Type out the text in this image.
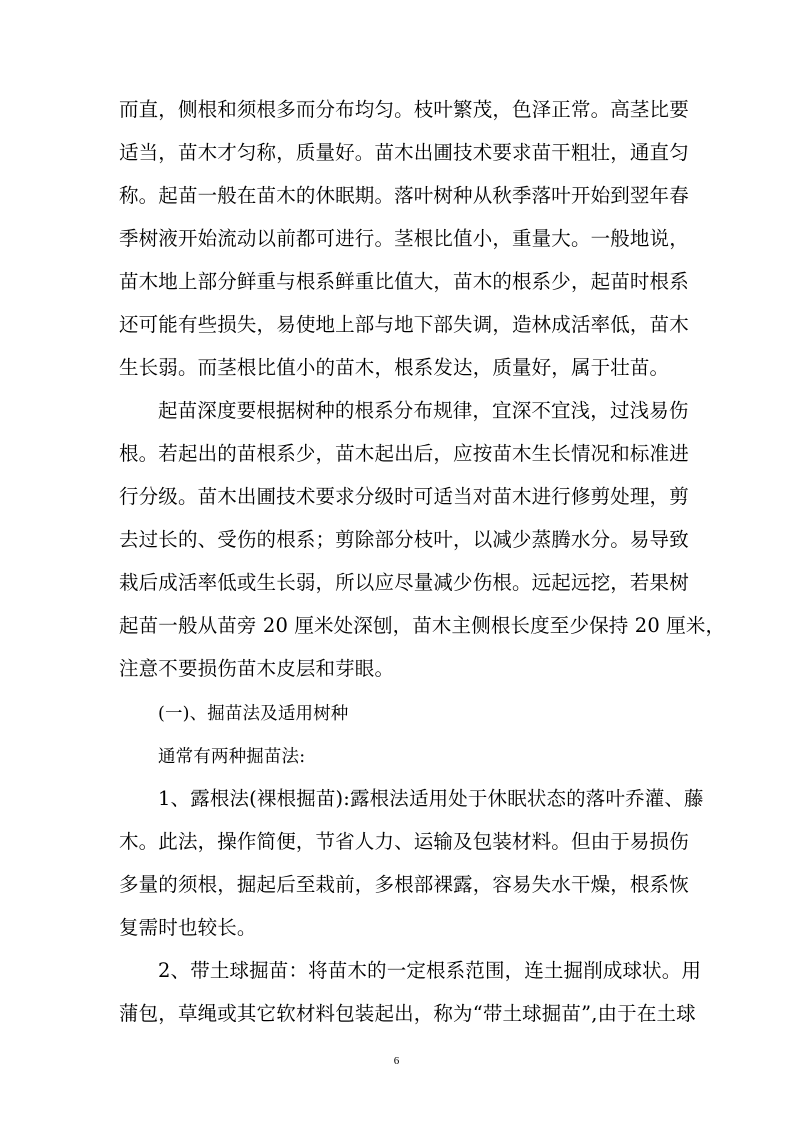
而直，侧根和须根多而分布均匀。枝叶繁茂，色泽正常。高茎比要
适当，苗木才匀称，质量好。苗木出圃技术要求苗干粗壮，通直匀
称。起苗一般在苗木的休眠期。落叶树种从秋季落叶开始到翌年春
季树液开始流动以前都可进行。茎根比值小，重量大。一般地说，
苗木地上部分鲜重与根系鲜重比值大，苗木的根系少，起苗时根系
还可能有些损失，易使地上部与地下部失调，造林成活率低，苗木
生长弱。而茎根比值小的苗木，根系发达，质量好，属于壮苗。
起苗深度要根据树种的根系分布规律，宜深不宜浅，过浅易伤
根。若起出的苗根系少，苗木起出后，应按苗木生长情况和标准进
行分级。苗木出圃技术要求分级时可适当对苗木进行修剪处理，剪
去过长的、受伤的根系；剪除部分枝叶，以减少蒸腾水分。易导致
栽后成活率低或生长弱，所以应尽量减少伤根。远起远挖，若果树
起苗一般从苗旁 20 厘米处深刨，苗木主侧根长度至少保持 20 厘米，
注意不要损伤苗木皮层和芽眼。
(一)、掘苗法及适用树种
通常有两种掘苗法:
1、露根法(裸根掘苗):露根法适用处于休眠状态的落叶乔灌、藤
木。此法，操作简便，节省人力、运输及包装材料。但由于易损伤
多量的须根，掘起后至栽前，多根部裸露，容易失水干燥，根系恢
复需时也较长。
2、带土球掘苗：将苗木的一定根系范围，连土掘削成球状。用
蒲包，草绳或其它软材料包装起出，称为“带土球掘苗”,由于在土球
6
